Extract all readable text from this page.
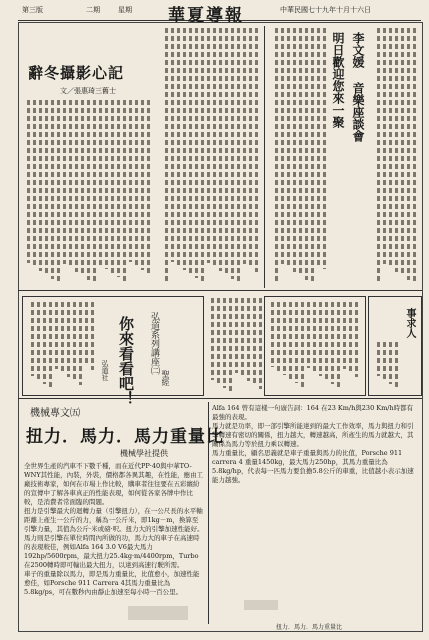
第三版	二期	星期	華夏導報	中華民國七十九年十月十六日
辭冬攝影心記
文／張惠琦三舊士	明日歡迎您來一聚 李文媛 音樂座談會
你來看看吧！ 弘道系列講座㈡
聖經
弘道社
事求人
機械專文㈤
扭力．馬力．馬力重量比
機械學社提供

全世界生產的汽車不下數千種，而在近代PP·40與中華TO-WNY其性能，內裝，外裝，價格都各異其趣，在性能，應由工廠技術專家，如何在市場上作比較，購車者往往要在五彩繽紛的宣傳中了解各車真正的性能表現，如何從各家各牌中作比較，是消費者常面臨的問題。

扭力是引擎最大的迴轉力量（引擎扭力），在一公尺長的水平軸距離上產生一公斤的力，稱為一公斤米，即1kg－m，換算至引擎力量，其值為公斤·米或磅·呎。扭力大的引擎加速性能好。

馬力則是引擎在單位時間內所做的功，馬力大的車子在高速時的表現較佳，例如Alfa 164 3.0 V6最大馬力192hp/5600rpm，最大扭力25.4kg·m/4400rpm，Turbo在2500轉時即可輸出最大扭力，以達到高速行駛所需。

車子的重量除以馬力，即是馬力重量比，比值愈小，加速性能愈佳，如Porsche 911 Carrera 4其馬力重量比為5.8kg/ps，可在數秒內由靜止加速至每小時一百公里。

Alfa 164 曾有這樣一句廣告詞：164 在23 Km/h與230 Km/h時都有最強的表現。

馬力就是功率，即一部引擎所能達到的最大工作效率，馬力與扭力和引擎轉速有密切的關係，扭力越大，轉速越高，所產生的馬力就越大，其關係為馬力等於扭力乘以轉速。

馬力重量比，顧名思義就是車子重量與馬力的比值，Porsche 911 carrera 4 重量1450kg，最大馬力250hp，其馬力重量比為5.8kg/hp，代表每一匹馬力要負擔5.8公斤的車重，比值越小表示加速能力越強。

扭力．馬力．馬力重量比
